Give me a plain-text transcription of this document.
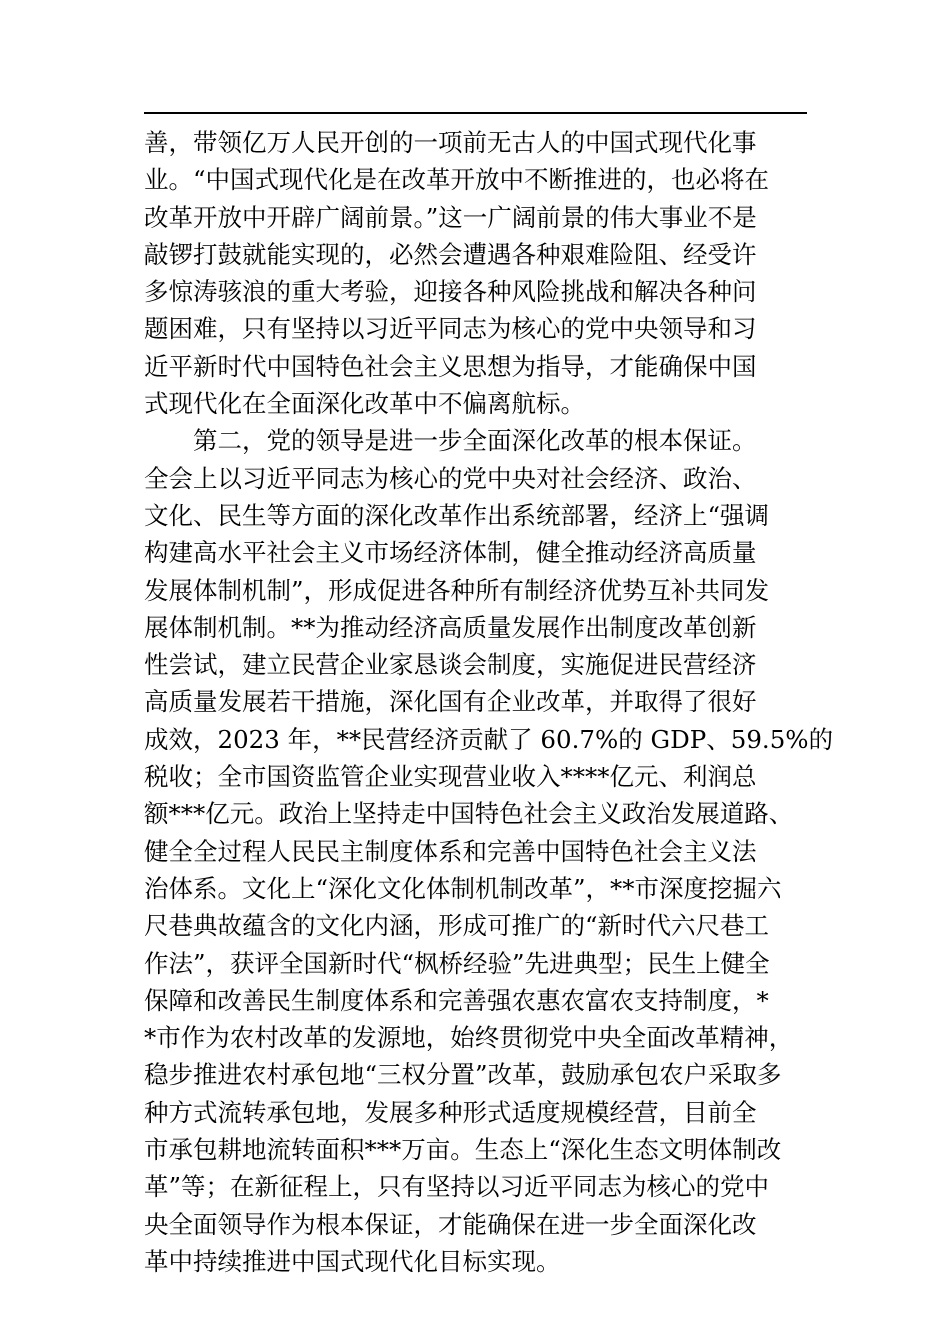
善，带领亿万人民开创的一项前无古人的中国式现代化事
业。“中国式现代化是在改革开放中不断推进的，也必将在
改革开放中开辟广阔前景。”这一广阔前景的伟大事业不是
敲锣打鼓就能实现的，必然会遭遇各种艰难险阻、经受许
多惊涛骇浪的重大考验，迎接各种风险挑战和解决各种问
题困难，只有坚持以习近平同志为核心的党中央领导和习
近平新时代中国特色社会主义思想为指导，才能确保中国
式现代化在全面深化改革中不偏离航标。
　　第二，党的领导是进一步全面深化改革的根本保证。
全会上以习近平同志为核心的党中央对社会经济、政治、
文化、民生等方面的深化改革作出系统部署，经济上“强调
构建高水平社会主义市场经济体制，健全推动经济高质量
发展体制机制”，形成促进各种所有制经济优势互补共同发
展体制机制。**为推动经济高质量发展作出制度改革创新
性尝试，建立民营企业家恳谈会制度，实施促进民营经济
高质量发展若干措施，深化国有企业改革，并取得了很好
成效，2023 年，**民营经济贡献了 60.7%的 GDP、59.5%的
税收；全市国资监管企业实现营业收入****亿元、利润总
额***亿元。政治上坚持走中国特色社会主义政治发展道路、
健全全过程人民民主制度体系和完善中国特色社会主义法
治体系。文化上“深化文化体制机制改革”，**市深度挖掘六
尺巷典故蕴含的文化内涵，形成可推广的“新时代六尺巷工
作法”，获评全国新时代“枫桥经验”先进典型；民生上健全
保障和改善民生制度体系和完善强农惠农富农支持制度，*
*市作为农村改革的发源地，始终贯彻党中央全面改革精神，
稳步推进农村承包地“三权分置”改革，鼓励承包农户采取多
种方式流转承包地，发展多种形式适度规模经营，目前全
市承包耕地流转面积***万亩。生态上“深化生态文明体制改
革”等；在新征程上，只有坚持以习近平同志为核心的党中
央全面领导作为根本保证，才能确保在进一步全面深化改
革中持续推进中国式现代化目标实现。
